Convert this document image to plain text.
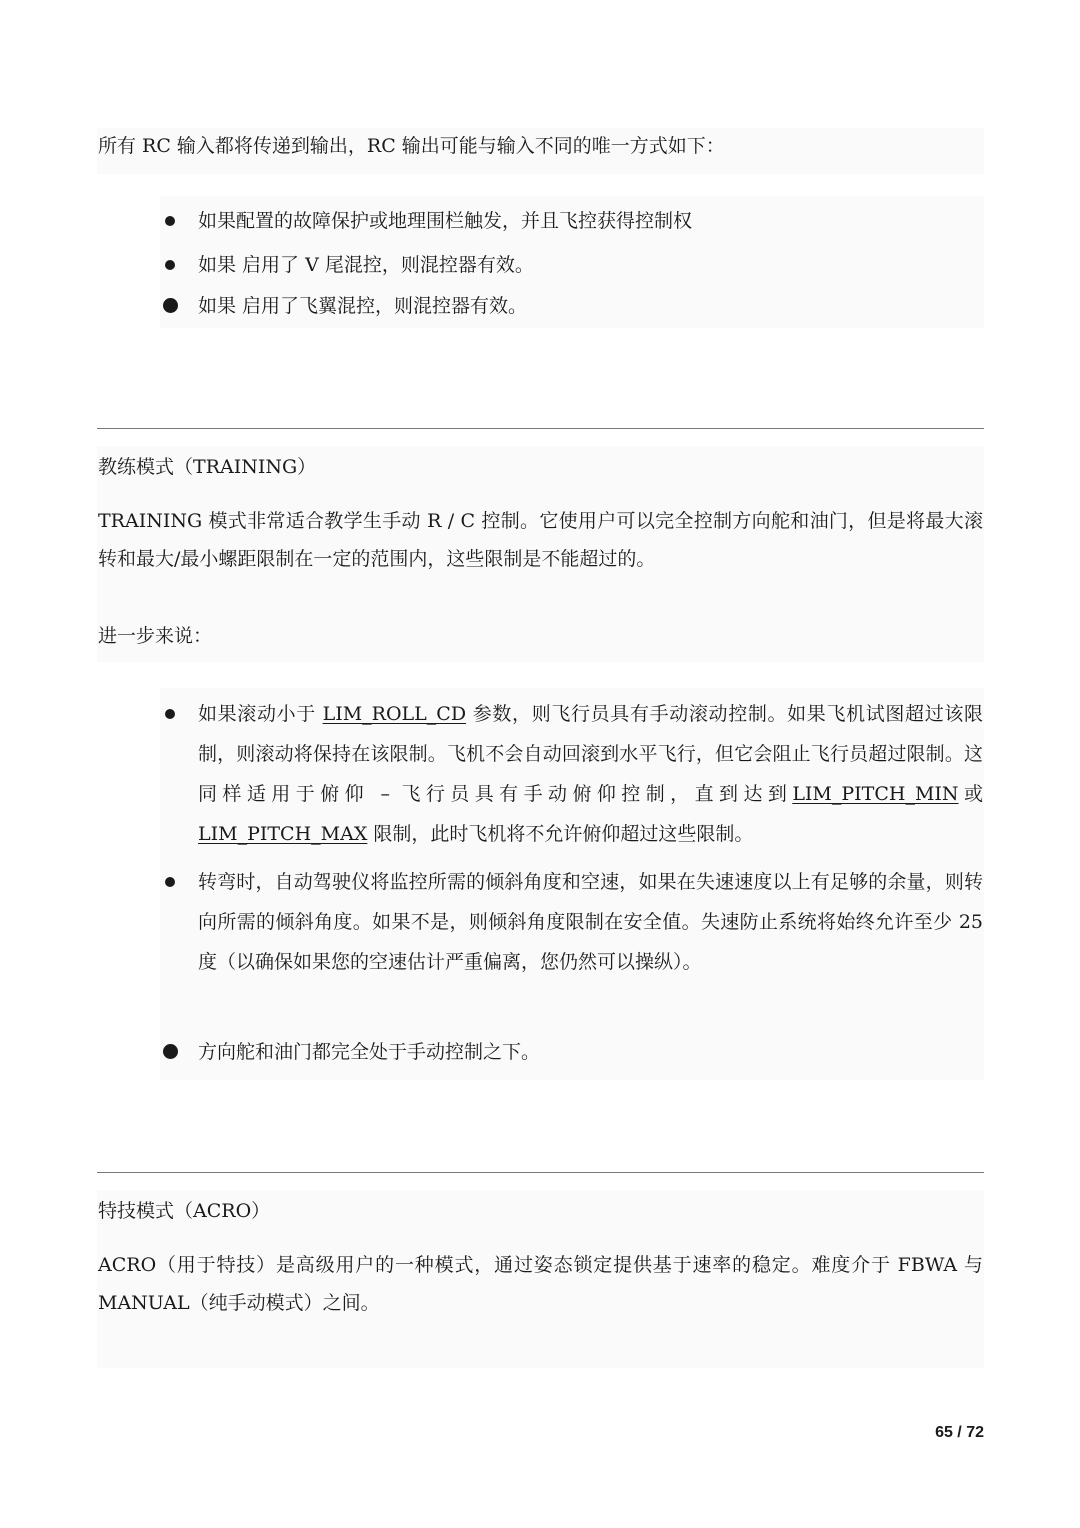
所有 RC 输入都将传递到输出，RC 输出可能与输入不同的唯一方式如下：

如果配置的故障保护或地理围栏触发，并且飞控获得控制权
如果 启用了 V 尾混控，则混控器有效。
如果 启用了飞翼混控，则混控器有效。

教练模式（TRAINING）

TRAINING 模式非常适合教学生手动 R / C 控制。它使用户可以完全控制方向舵和油门，但是将最大滚转和最大/最小螺距限制在一定的范围内，这些限制是不能超过的。

进一步来说：

如果滚动小于 LIM_ROLL_CD 参数，则飞行员具有手动滚动控制。如果飞机试图超过该限制，则滚动将保持在该限制。飞机不会自动回滚到水平飞行，但它会阻止飞行员超过限制。这同样适用于俯仰 – 飞行员具有手动俯仰控制，直到达到LIM_PITCH_MIN或LIM_PITCH_MAX 限制，此时飞机将不允许俯仰超过这些限制。
转弯时，自动驾驶仪将监控所需的倾斜角度和空速，如果在失速速度以上有足够的余量，则转向所需的倾斜角度。如果不是，则倾斜角度限制在安全值。失速防止系统将始终允许至少 25 度（以确保如果您的空速估计严重偏离，您仍然可以操纵）。
方向舵和油门都完全处于手动控制之下。

特技模式（ACRO）

ACRO（用于特技）是高级用户的一种模式，通过姿态锁定提供基于速率的稳定。难度介于 FBWA 与 MANUAL（纯手动模式）之间。

65 / 72
